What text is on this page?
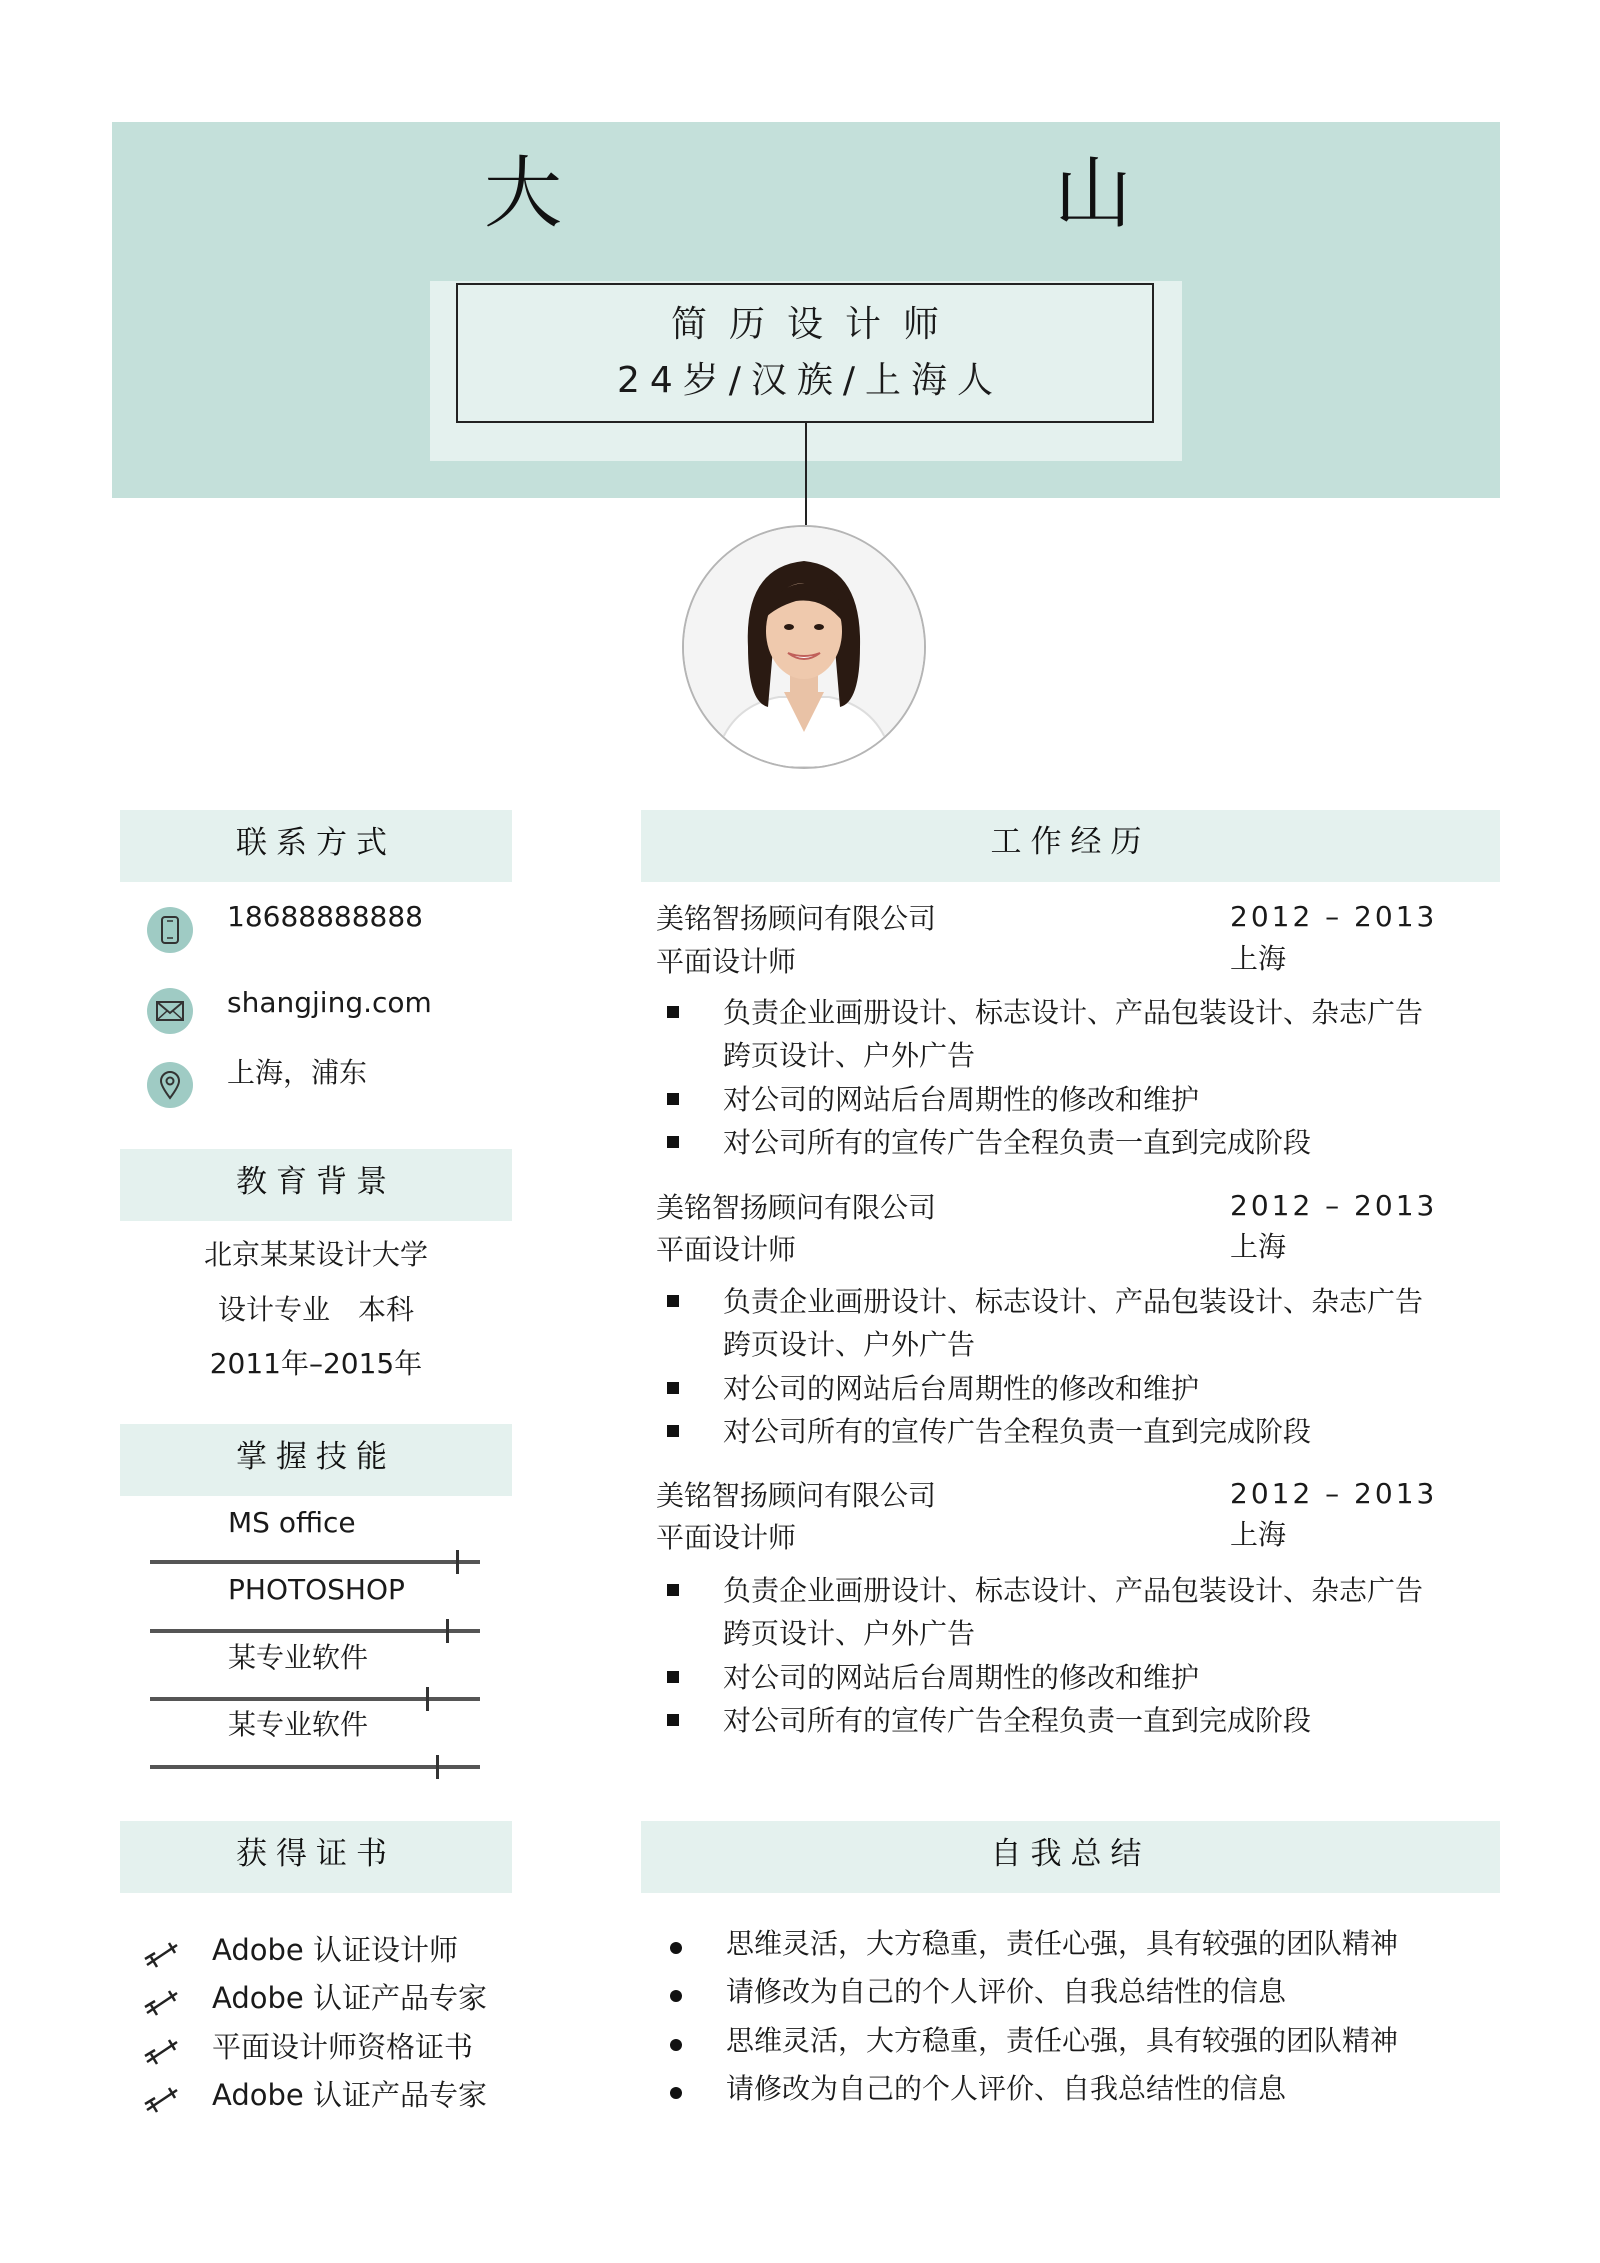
大	山
简历设计师
24岁/汉族/上海人
联系方式
18688888888
shangjing.com
上海，浦东
教育背景
北京某某设计大学
设计专业　本科
2011年–2015年
掌握技能
MS office
PHOTOSHOP
某专业软件
某专业软件
获得证书
Adobe 认证设计师
Adobe 认证产品专家
平面设计师资格证书
Adobe 认证产品专家
工作经历
美铭智扬顾问有限公司	2012 – 2013
平面设计师	上海
负责企业画册设计、标志设计、产品包装设计、杂志广告跨页设计、户外广告
对公司的网站后台周期性的修改和维护
对公司所有的宣传广告全程负责一直到完成阶段
美铭智扬顾问有限公司	2012 – 2013
平面设计师	上海
负责企业画册设计、标志设计、产品包装设计、杂志广告跨页设计、户外广告
对公司的网站后台周期性的修改和维护
对公司所有的宣传广告全程负责一直到完成阶段
美铭智扬顾问有限公司	2012 – 2013
平面设计师	上海
负责企业画册设计、标志设计、产品包装设计、杂志广告跨页设计、户外广告
对公司的网站后台周期性的修改和维护
对公司所有的宣传广告全程负责一直到完成阶段
自我总结
思维灵活，大方稳重，责任心强，具有较强的团队精神
请修改为自己的个人评价、自我总结性的信息
思维灵活，大方稳重，责任心强，具有较强的团队精神
请修改为自己的个人评价、自我总结性的信息
